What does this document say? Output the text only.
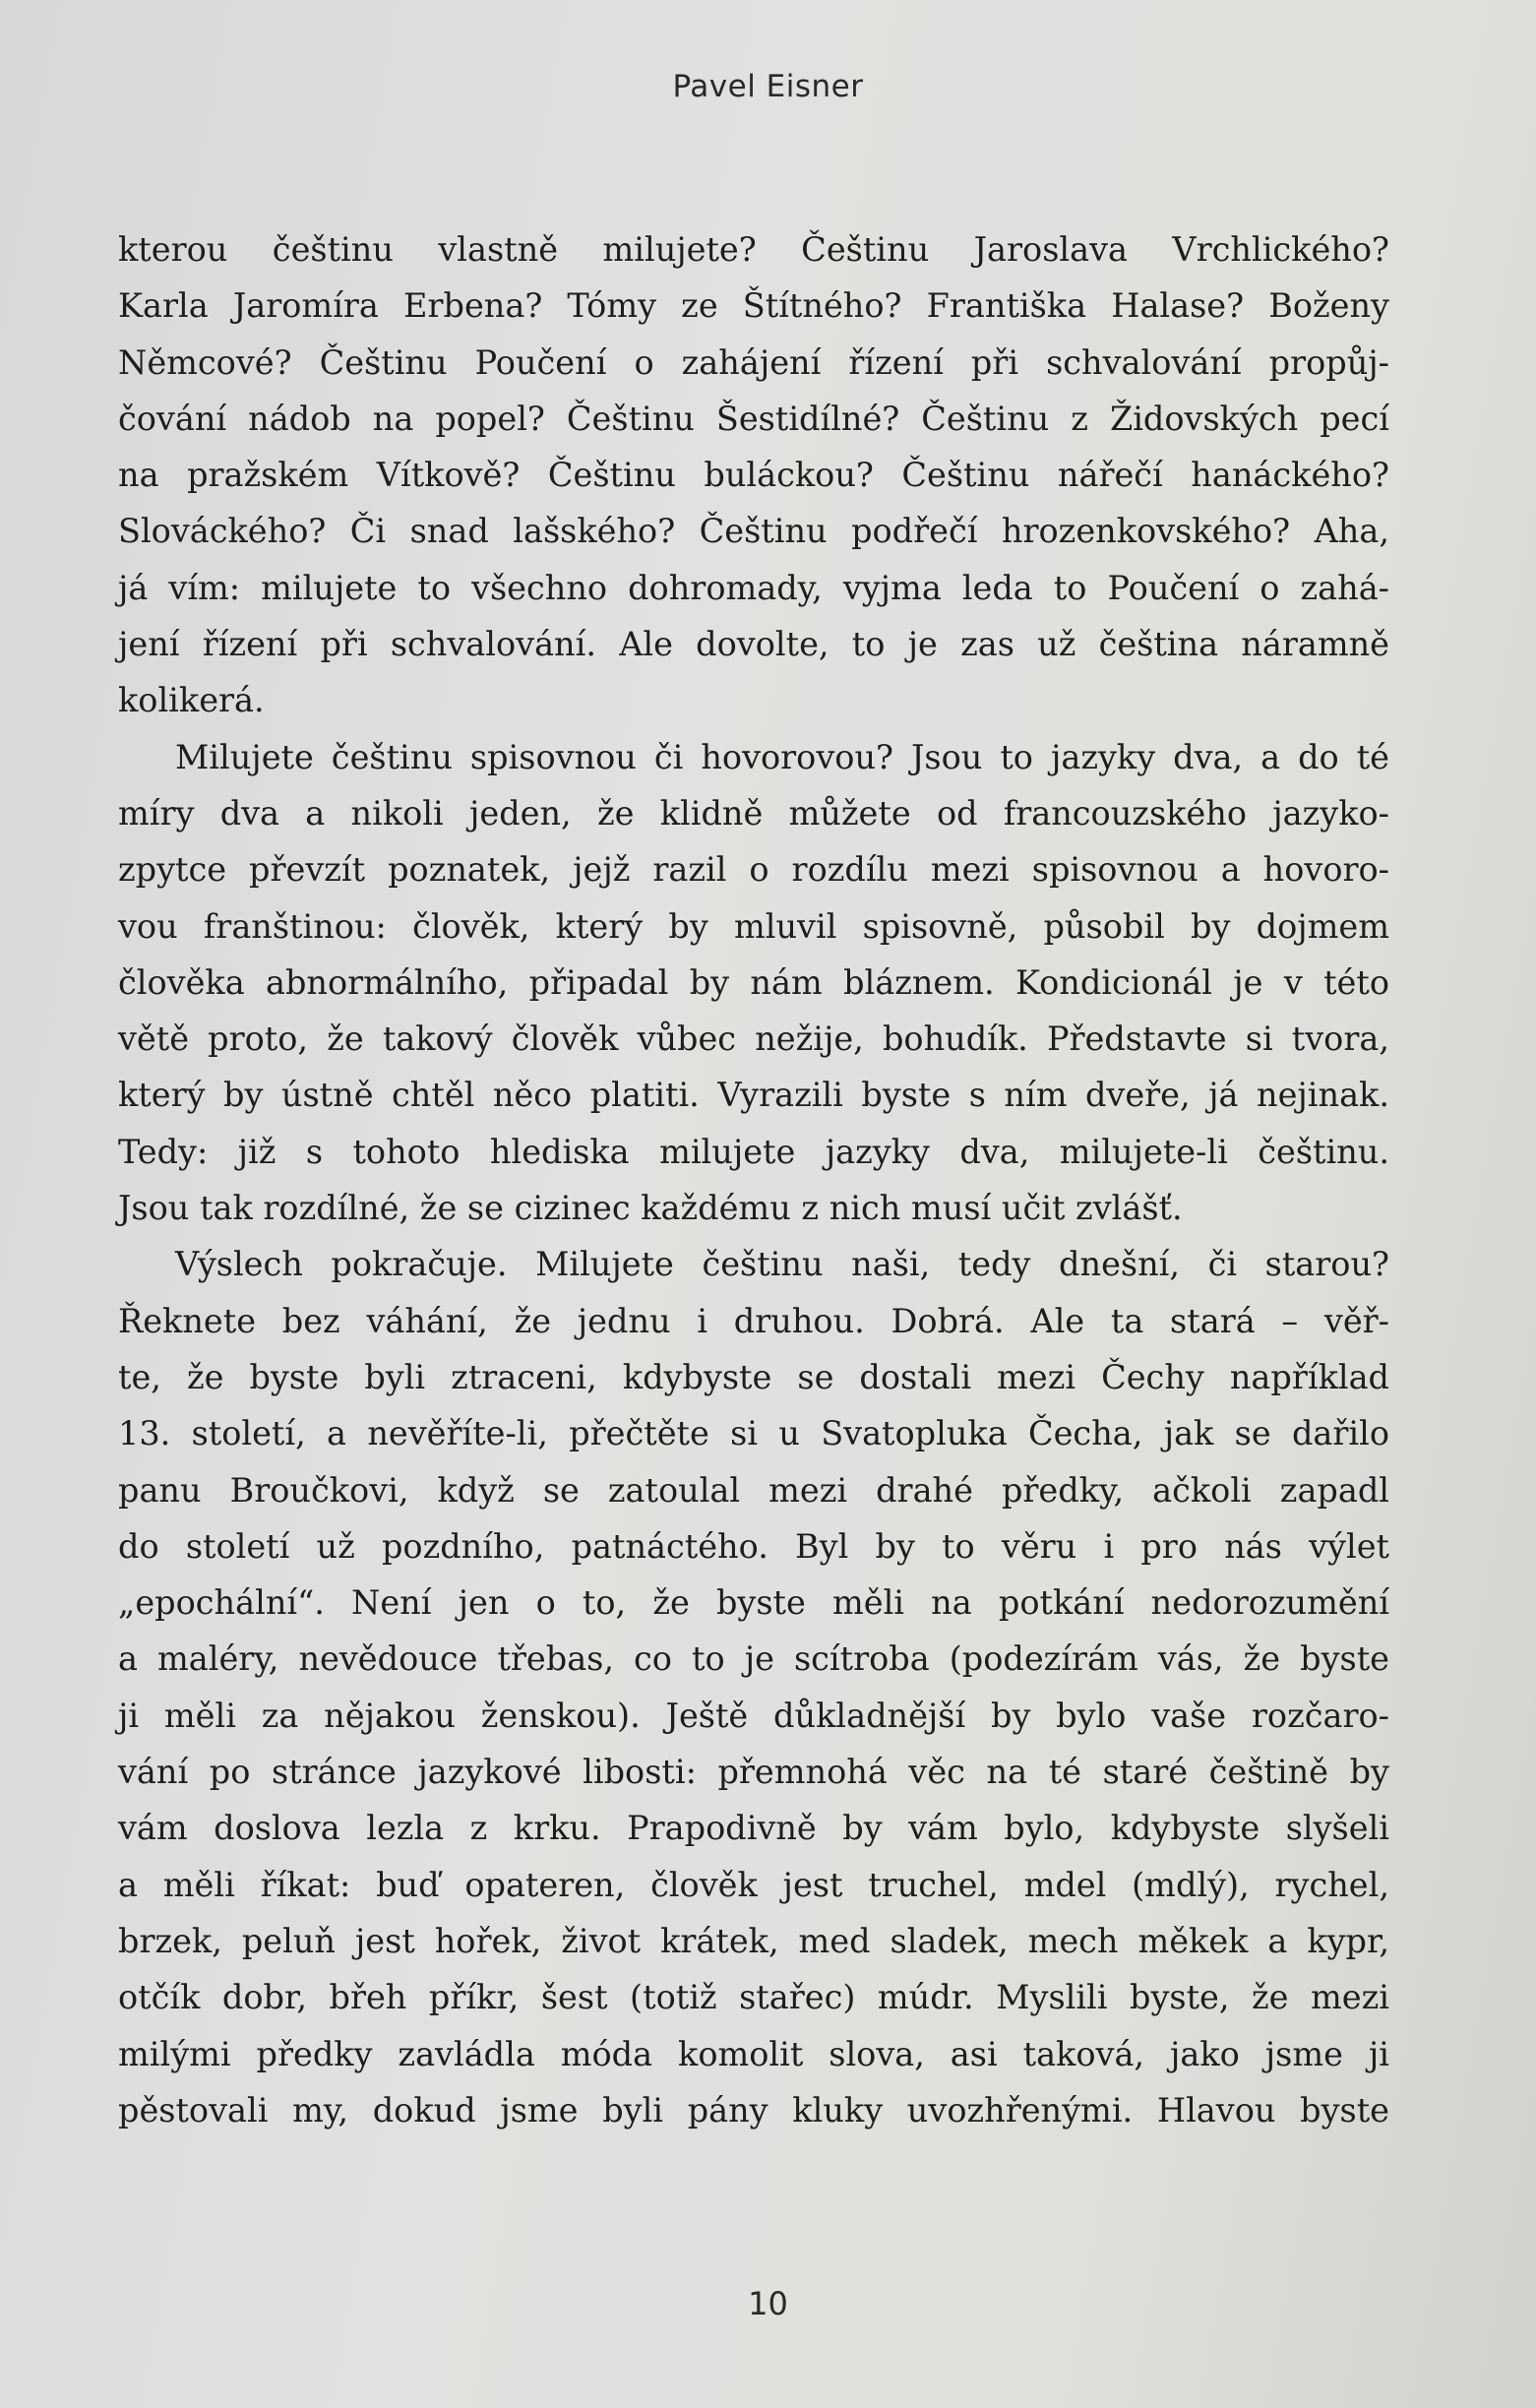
Pavel Eisner
kterou češtinu vlastně milujete? Češtinu Jaroslava Vrchlického?
Karla Jaromíra Erbena? Tómy ze Štítného? Františka Halase? Boženy
Němcové? Češtinu Poučení o zahájení řízení při schvalování propůj-
čování nádob na popel? Češtinu Šestidílné? Češtinu z Židovských pecí
na pražském Vítkově? Češtinu buláckou? Češtinu nářečí hanáckého?
Slováckého? Či snad lašského? Češtinu podřečí hrozenkovského? Aha,
já vím: milujete to všechno dohromady, vyjma leda to Poučení o zahá-
jení řízení při schvalování. Ale dovolte, to je zas už čeština náramně
kolikerá.
Milujete češtinu spisovnou či hovorovou? Jsou to jazyky dva, a do té
míry dva a nikoli jeden, že klidně můžete od francouzského jazyko-
zpytce převzít poznatek, jejž razil o rozdílu mezi spisovnou a hovoro-
vou franštinou: člověk, který by mluvil spisovně, působil by dojmem
člověka abnormálního, připadal by nám bláznem. Kondicionál je v této
větě proto, že takový člověk vůbec nežije, bohudík. Představte si tvora,
který by ústně chtěl něco platiti. Vyrazili byste s ním dveře, já nejinak.
Tedy: již s tohoto hlediska milujete jazyky dva, milujete-li češtinu.
Jsou tak rozdílné, že se cizinec každému z nich musí učit zvlášť.
Výslech pokračuje. Milujete češtinu naši, tedy dnešní, či starou?
Řeknete bez váhání, že jednu i druhou. Dobrá. Ale ta stará – věř-
te, že byste byli ztraceni, kdybyste se dostali mezi Čechy například
13. století, a nevěříte-li, přečtěte si u Svatopluka Čecha, jak se dařilo
panu Broučkovi, když se zatoulal mezi drahé předky, ačkoli zapadl
do století už pozdního, patnáctého. Byl by to věru i pro nás výlet
„epochální“. Není jen o to, že byste měli na potkání nedorozumění
a maléry, nevědouce třebas, co to je scítroba (podezírám vás, že byste
ji měli za nějakou ženskou). Ještě důkladnější by bylo vaše rozčaro-
vání po stránce jazykové libosti: přemnohá věc na té staré češtině by
vám doslova lezla z krku. Prapodivně by vám bylo, kdybyste slyšeli
a měli říkat: buď opateren, člověk jest truchel, mdel (mdlý), rychel,
brzek, peluň jest hořek, život krátek, med sladek, mech měkek a kypr,
otčík dobr, břeh příkr, šest (totiž stařec) múdr. Myslili byste, že mezi
milými předky zavládla móda komolit slova, asi taková, jako jsme ji
pěstovali my, dokud jsme byli pány kluky uvozhřenými. Hlavou byste
10
